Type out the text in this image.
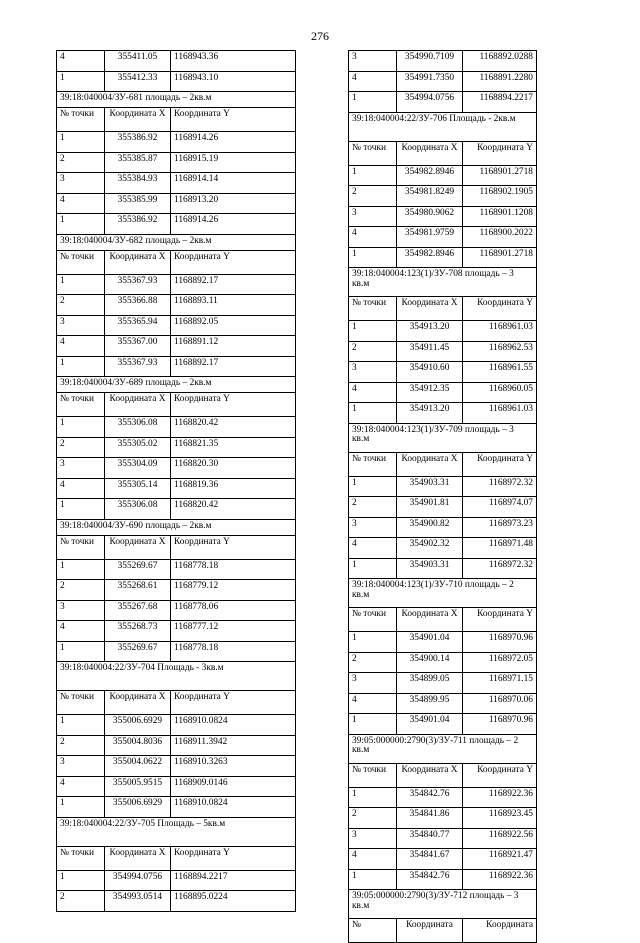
276
4	355411.05	1168943.36
1	355412.33	1168943.10
39:18:040004/ЗУ-681 площадь – 2кв.м		
№ точки	Координата X	Координата Y
1	355386.92	1168914.26
2	355385.87	1168915.19
3	355384.93	1168914.14
4	355385.99	1168913.20
1	355386.92	1168914.26
39:18:040004/ЗУ-682 площадь – 2кв.м		
№ точки	Координата X	Координата Y
1	355367.93	1168892.17
2	355366.88	1168893.11
3	355365.94	1168892.05
4	355367.00	1168891.12
1	355367.93	1168892.17
39:18:040004/ЗУ-689 площадь – 2кв.м		
№ точки	Координата X	Координата Y
1	355306.08	1168820.42
2	355305.02	1168821.35
3	355304.09	1168820.30
4	355305.14	1168819.36
1	355306.08	1168820.42
39:18:040004/ЗУ-690 площадь – 2кв.м		
№ точки	Координата X	Координата Y
1	355269.67	1168778.18
2	355268.61	1168779.12
3	355267.68	1168778.06
4	355268.73	1168777.12
1	355269.67	1168778.18
39:18:040004:22/ЗУ-704 Площадь - 3кв.м		
№ точки	Координата X	Координата Y
1	355006.6929	1168910.0824
2	355004.8036	1168911.3942
3	355004.0622	1168910.3263
4	355005.9515	1168909.0146
1	355006.6929	1168910.0824
39:18:040004:22/ЗУ-705 Площадь – 5кв.м		
№ точки	Координата X	Координата Y
1	354994.0756	1168894.2217
2	354993.0514	1168895.0224
3	354990.7109	1168892.0288
4	354991.7350	1168891.2280
1	354994.0756	1168894.2217
39:18:040004:22/ЗУ-706 Площадь - 2кв.м		
№ точки	Координата X	Координата Y
1	354982.8946	1168901.2718
2	354981.8249	1168902.1905
3	354980.9062	1168901.1208
4	354981.9759	1168900.2022
1	354982.8946	1168901.2718
39:18:040004:123(1)/ЗУ-708 площадь – 3 кв.м		
№ точки	Координата X	Координата Y
1	354913.20	1168961.03
2	354911.45	1168962.53
3	354910.60	1168961.55
4	354912.35	1168960.05
1	354913.20	1168961.03
39:18:040004:123(1)/ЗУ-709 площадь – 3 кв.м		
№ точки	Координата X	Координата Y
1	354903.31	1168972.32
2	354901.81	1168974.07
3	354900.82	1168973.23
4	354902.32	1168971.48
1	354903.31	1168972.32
39:18:040004:123(1)/ЗУ-710 площадь – 2 кв.м		
№ точки	Координата X	Координата Y
1	354901.04	1168970.96
2	354900.14	1168972.05
3	354899.05	1168971.15
4	354899.95	1168970.06
1	354901.04	1168970.96
39:05:000000:2790(3)/ЗУ-711 площадь – 2 кв.м		
№ точки	Координата X	Координата Y
1	354842.76	1168922.36
2	354841.86	1168923.45
3	354840.77	1168922.56
4	354841.67	1168921.47
1	354842.76	1168922.36
39:05:000000:2790(3)/ЗУ-712 площадь – 3 кв.м		
№	Координата	Координата
